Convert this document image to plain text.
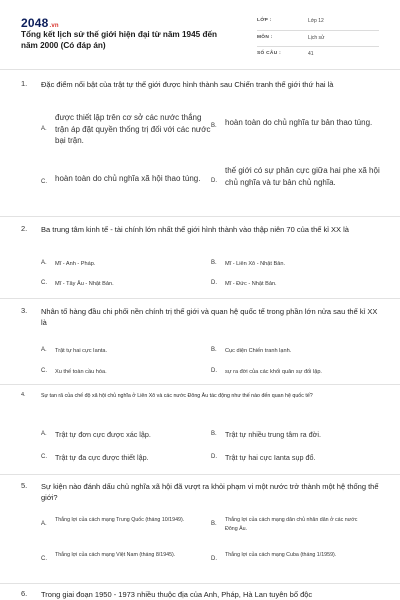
2048.vn
Tổng kết lịch sử thế giới hiện đại từ năm 1945 đến năm 2000 (Có đáp án)
LỚP :	Lớp 12
MÔN :	Lịch sử
SỐ CÂU :	41
1. Đặc điểm nổi bật của trật tự thế giới được hình thành sau Chiến tranh thế giới thứ hai là
A.
được thiết lập trên cơ sở các nước thắng trận áp đặt quyền thống trị đối với các nước bại trận.
B. hoàn toàn do chủ nghĩa tư bản thao túng.
C. hoàn toàn do chủ nghĩa xã hội thao túng.	D.
thế giới có sự phân cực giữa hai phe xã hội chủ nghĩa và tư bản chủ nghĩa.
2. Ba trung tâm kinh tế - tài chính lớn nhất thế giới hình thành vào thập niên 70 của thế kỉ XX là
A. Mĩ - Anh - Pháp.	B. Mĩ - Liên Xô - Nhật Bản.
C. Mĩ - Tây Âu - Nhật Bản.	D. Mĩ - Đức - Nhật Bản.
3. Nhân tố hàng đầu chi phối nền chính trị thế giới và quan hệ quốc tế trong phần lớn nửa sau thế kỉ XX là
A. Trật tự hai cực Ianta.	B. Cục diện Chiến tranh lạnh.
C. Xu thế toàn cầu hóa.	D. sự ra đời của các khối quân sự đối lập.
4.	Sự tan rã của chế độ xã hội chủ nghĩa ở Liên Xô và các nước Đông Âu tác động như thế nào đến quan hệ quốc tế?
A. Trật tự đơn cực được xác lập.	B. Trật tự nhiều trung tâm ra đời.
C. Trật tự đa cực được thiết lập.	D. Trật tự hai cực Ianta sụp đổ.
5. Sự kiện nào đánh dấu chủ nghĩa xã hội đã vượt ra khỏi phạm vi một nước trở thành một hệ thống thế giới?
A.
Thắng lợi của cách mạng Trung Quốc (tháng 10/1949).
B.
Thắng lợi của cách mạng dân chủ nhân dân ở các nước Đông Âu.
C.
Thắng lợi của cách mạng Việt Nam (tháng 8/1945).
D.
Thắng lợi của cách mạng Cuba (tháng 1/1959).
6. Trong giai đoạn 1950 - 1973 nhiều thuộc địa của Anh, Pháp, Hà Lan tuyên bố độc
